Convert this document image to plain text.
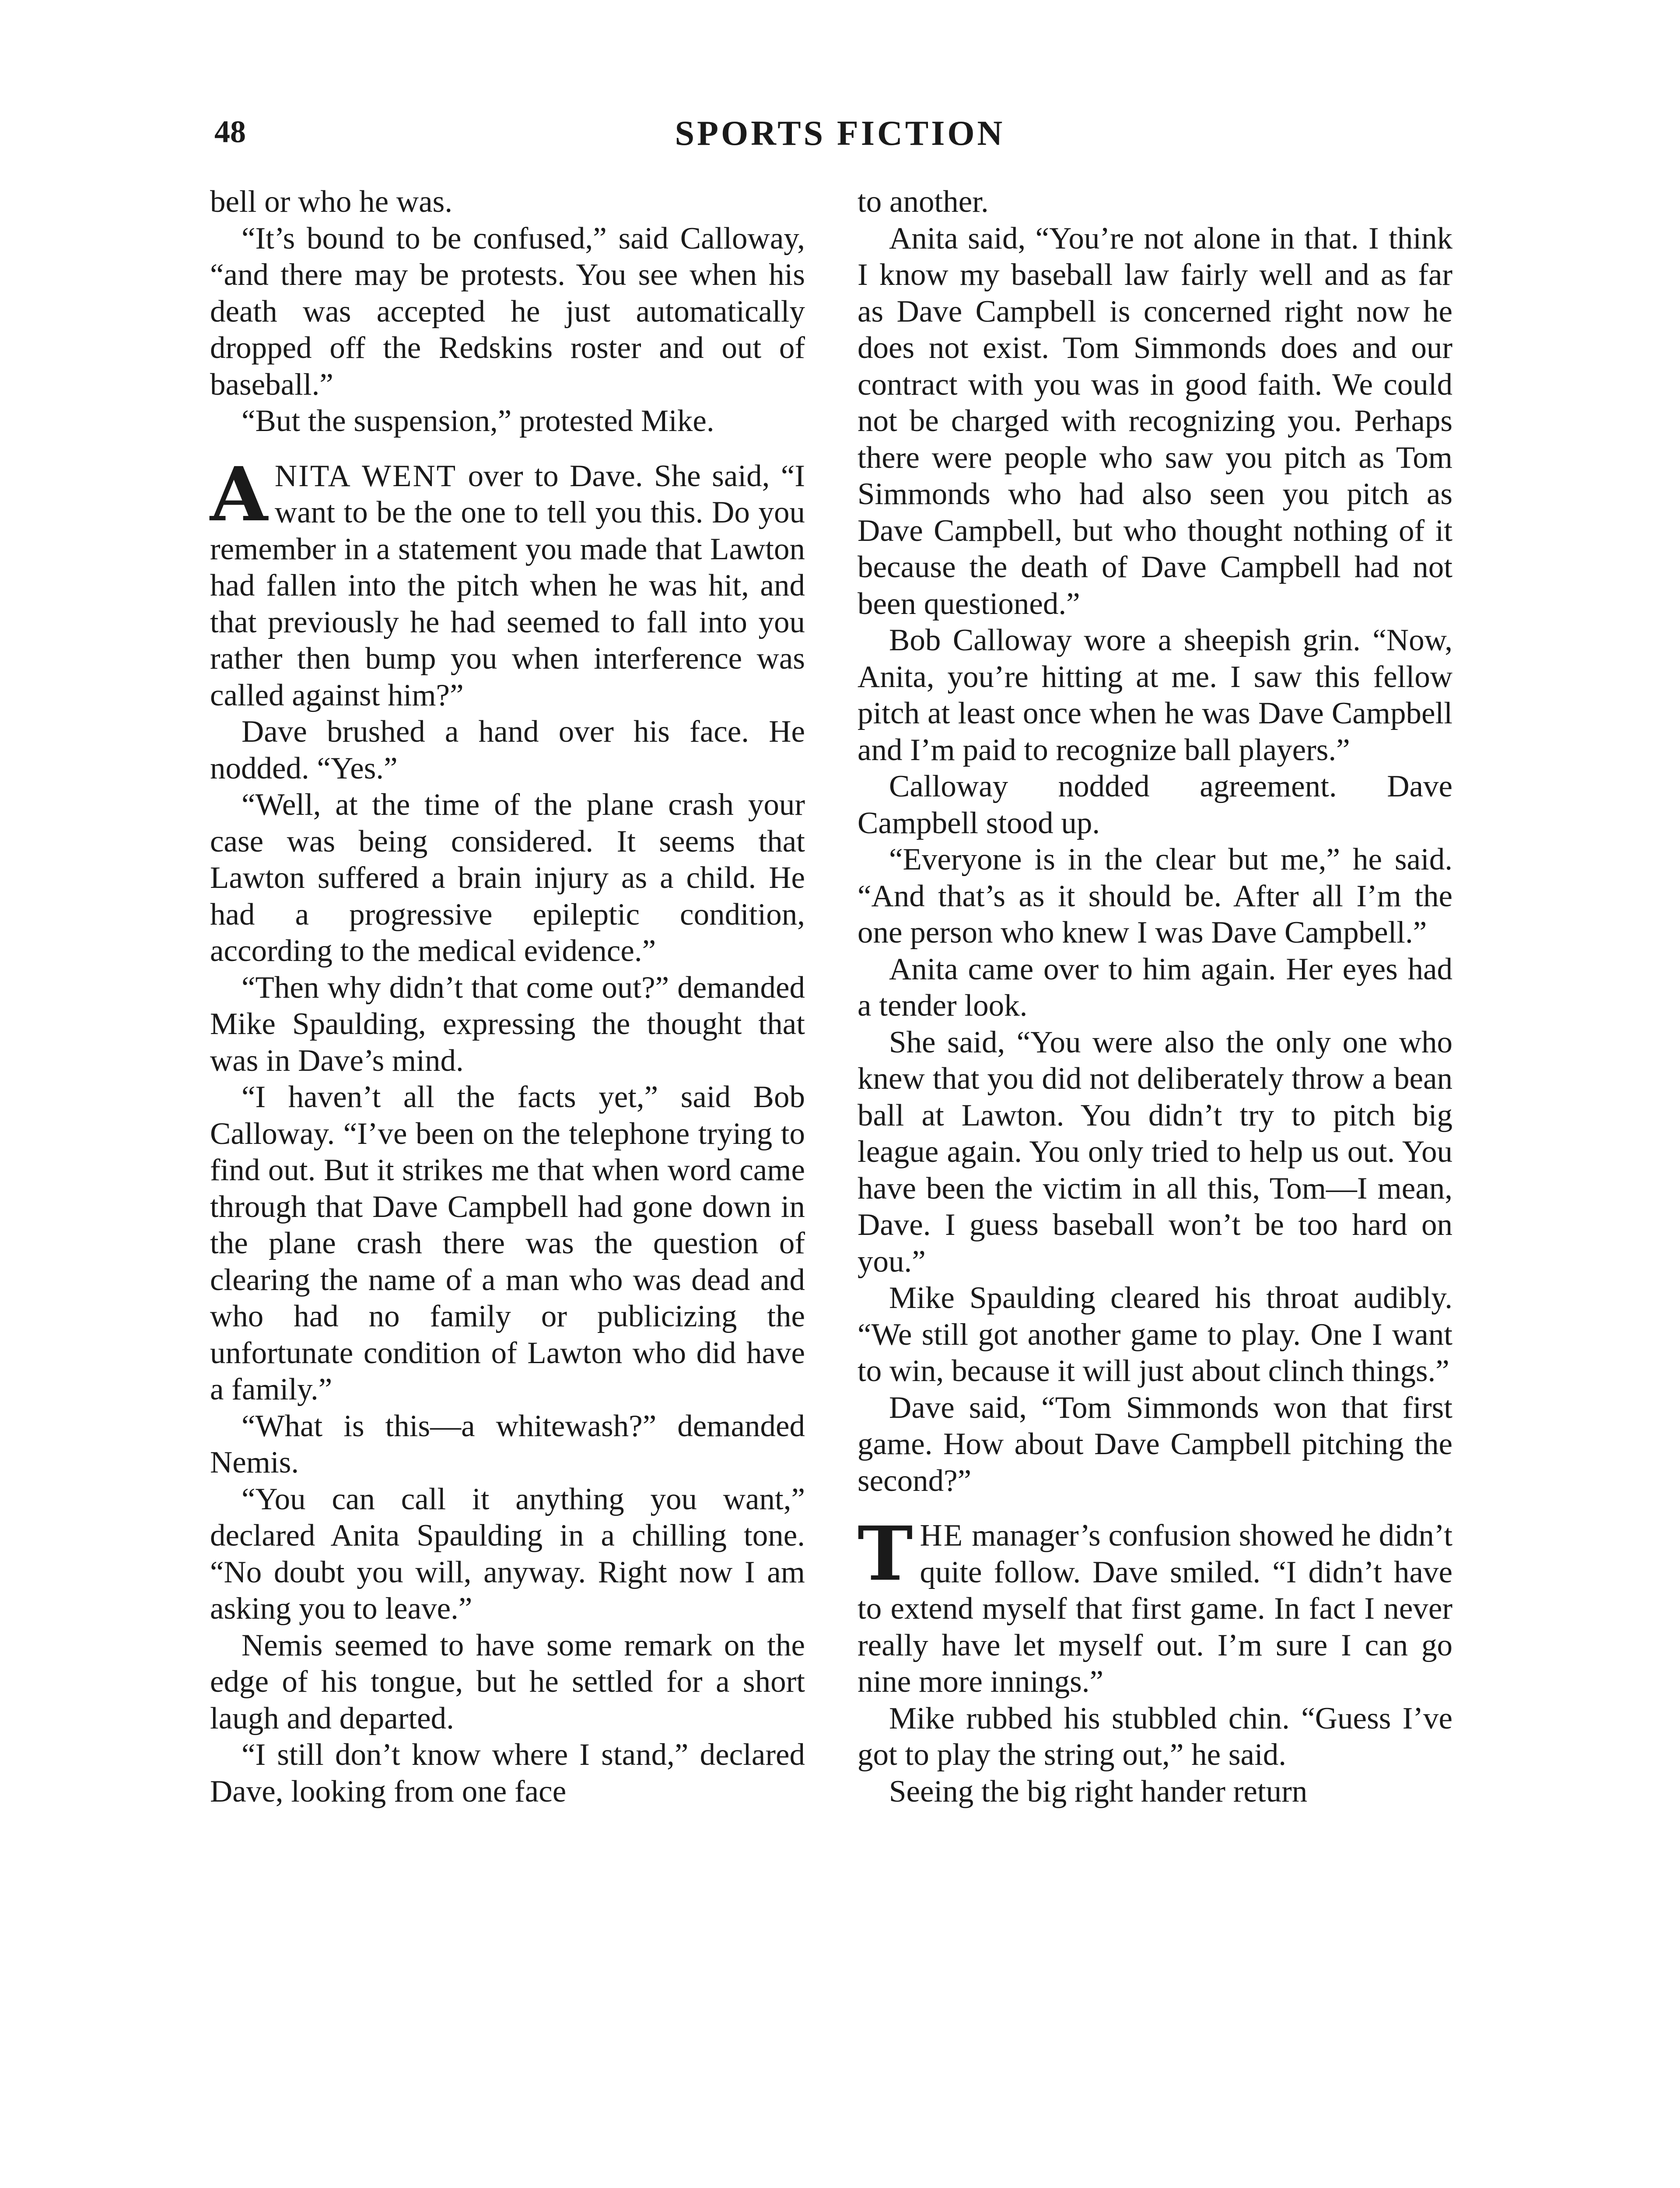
48	SPORTS FICTION

bell or who he was.

“It’s bound to be confused,” said Calloway, “and there may be protests. You see when his death was accepted he just automatically dropped off the Redskins roster and out of baseball.”

“But the suspension,” protested Mike.

ANITA WENT over to Dave. She said, “I want to be the one to tell you this. Do you remember in a statement you made that Lawton had fallen into the pitch when he was hit, and that previously he had seemed to fall into you rather then bump you when interference was called against him?”

Dave brushed a hand over his face. He nodded. “Yes.”

“Well, at the time of the plane crash your case was being considered. It seems that Lawton suffered a brain injury as a child. He had a progressive epileptic condition, according to the medical evidence.”

“Then why didn’t that come out?” demanded Mike Spaulding, expressing the thought that was in Dave’s mind.

“I haven’t all the facts yet,” said Bob Calloway. “I’ve been on the telephone trying to find out. But it strikes me that when word came through that Dave Campbell had gone down in the plane crash there was the question of clearing the name of a man who was dead and who had no family or publicizing the unfortunate condition of Lawton who did have a family.”

“What is this—a whitewash?” demanded Nemis.

“You can call it anything you want,” declared Anita Spaulding in a chilling tone. “No doubt you will, anyway. Right now I am asking you to leave.”

Nemis seemed to have some remark on the edge of his tongue, but he settled for a short laugh and departed.

“I still don’t know where I stand,” declared Dave, looking from one face

to another.

Anita said, “You’re not alone in that. I think I know my baseball law fairly well and as far as Dave Campbell is concerned right now he does not exist. Tom Simmonds does and our contract with you was in good faith. We could not be charged with recognizing you. Perhaps there were people who saw you pitch as Tom Simmonds who had also seen you pitch as Dave Campbell, but who thought nothing of it because the death of Dave Campbell had not been questioned.”

Bob Calloway wore a sheepish grin. “Now, Anita, you’re hitting at me. I saw this fellow pitch at least once when he was Dave Campbell and I’m paid to recognize ball players.”

Calloway nodded agreement. Dave Campbell stood up.

“Everyone is in the clear but me,” he said. “And that’s as it should be. After all I’m the one person who knew I was Dave Campbell.”

Anita came over to him again. Her eyes had a tender look.

She said, “You were also the only one who knew that you did not deliberately throw a bean ball at Lawton. You didn’t try to pitch big league again. You only tried to help us out. You have been the victim in all this, Tom—I mean, Dave. I guess baseball won’t be too hard on you.”

Mike Spaulding cleared his throat audibly. “We still got another game to play. One I want to win, because it will just about clinch things.”

Dave said, “Tom Simmonds won that first game. How about Dave Campbell pitching the second?”

THE manager’s confusion showed he didn’t quite follow. Dave smiled. “I didn’t have to extend myself that first game. In fact I never really have let myself out. I’m sure I can go nine more innings.”

Mike rubbed his stubbled chin. “Guess I’ve got to play the string out,” he said.

Seeing the big right hander return
